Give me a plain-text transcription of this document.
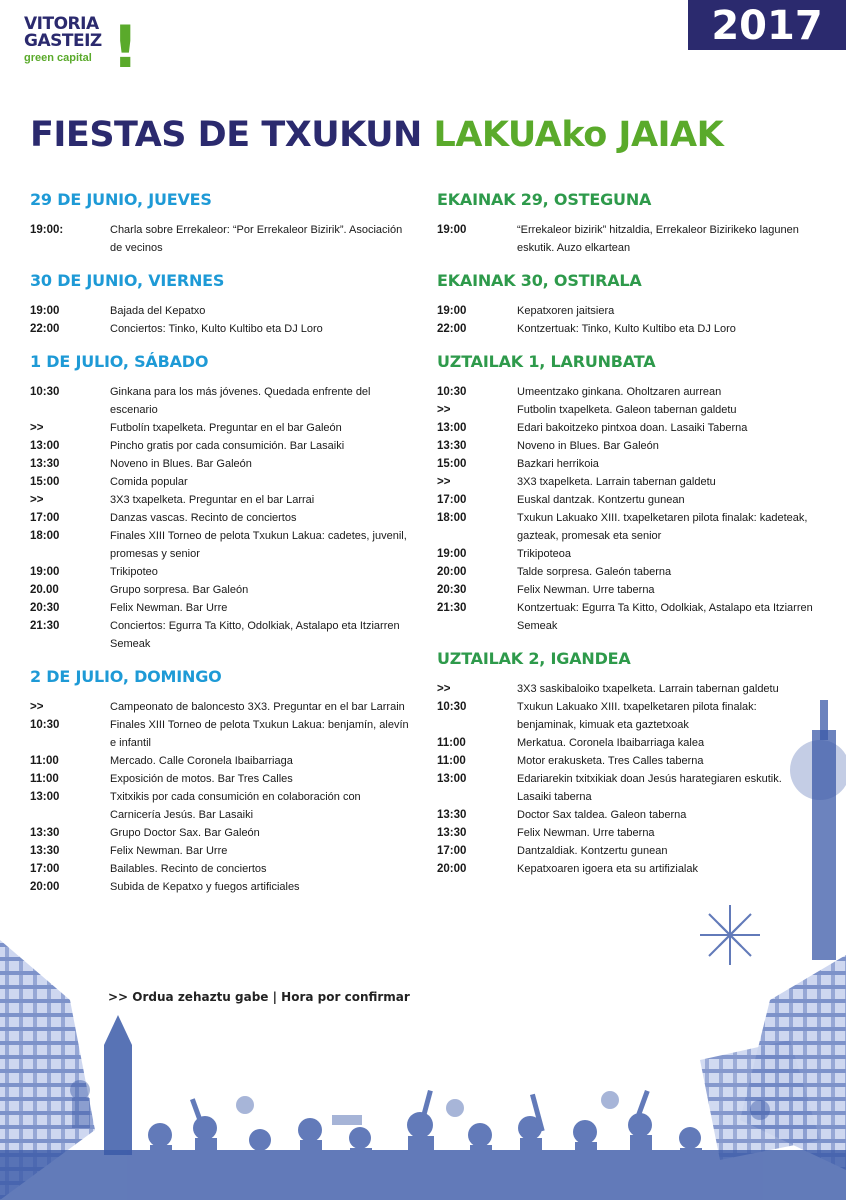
VITORIA
GASTEIZ
green capital !	2017
FIESTAS DE TXUKUN LAKUAko JAIAK
29 DE JUNIO, JUEVES
19:00:	Charla sobre Errekaleor: “Por Errekaleor Bizirik”. Asociación de vecinos
30 DE JUNIO, VIERNES
19:00	Bajada del Kepatxo
22:00	Conciertos: Tinko, Kulto Kultibo eta DJ Loro
1 DE JULIO, SÁBADO
10:30	Ginkana para los más jóvenes. Quedada enfrente del escenario
>>	Futbolín txapelketa. Preguntar en el bar Galeón
13:00	Pincho gratis por cada consumición. Bar Lasaiki
13:30	Noveno in Blues. Bar Galeón
15:00	Comida popular
>>	3X3 txapelketa. Preguntar en el bar Larrai
17:00	Danzas vascas. Recinto de conciertos
18:00	Finales XIII Torneo de pelota Txukun Lakua: cadetes, juvenil, promesas y senior
19:00	Trikipoteo
20.00	Grupo sorpresa. Bar Galeón
20:30	Felix Newman. Bar Urre
21:30	Conciertos: Egurra Ta Kitto, Odolkiak, Astalapo eta Itziarren Semeak
2 DE JULIO, DOMINGO
>>	Campeonato de baloncesto 3X3. Preguntar en el bar Larrain
10:30	Finales XIII Torneo de pelota Txukun Lakua: benjamín, alevín e infantil
11:00	Mercado. Calle Coronela Ibaibarriaga
11:00	Exposición de motos. Bar Tres Calles
13:00	Txitxikis por cada consumición en colaboración con Carnicería Jesús. Bar Lasaiki
13:30	Grupo Doctor Sax. Bar Galeón
13:30	Felix Newman. Bar Urre
17:00	Bailables. Recinto de conciertos
20:00	Subida de Kepatxo y fuegos artificiales
EKAINAK 29, OSTEGUNA
19:00	“Errekaleor bizirik” hitzaldia, Errekaleor Bizirikeko lagunen eskutik. Auzo elkartean
EKAINAK 30, OSTIRALA
19:00	Kepatxoren jaitsiera
22:00	Kontzertuak: Tinko, Kulto Kultibo eta DJ Loro
UZTAILAK 1, LARUNBATA
10:30	Umeentzako ginkana. Oholtzaren aurrean
>>	Futbolin txapelketa. Galeon tabernan galdetu
13:00	Edari bakoitzeko pintxoa doan. Lasaiki Taberna
13:30	Noveno in Blues. Bar Galeón
15:00	Bazkari herrikoia
>>	3X3 txapelketa. Larrain tabernan galdetu
17:00	Euskal dantzak. Kontzertu gunean
18:00	Txukun Lakuako XIII. txapelketaren pilota finalak: kadeteak, gazteak, promesak eta senior
19:00	Trikipoteoa
20:00	Talde sorpresa. Galeón taberna
20:30	Felix Newman. Urre taberna
21:30	Kontzertuak: Egurra Ta Kitto, Odolkiak, Astalapo eta Itziarren Semeak
UZTAILAK 2, IGANDEA
>>	3X3 saskibaloiko txapelketa. Larrain tabernan galdetu
10:30	Txukun Lakuako XIII. txapelketaren pilota finalak: benjaminak, kimuak eta gaztetxoak
11:00	Merkatua. Coronela Ibaibarriaga kalea
11:00	Motor erakusketa. Tres Calles taberna
13:00	Edariarekin txitxikiak doan Jesús harategiaren eskutik. Lasaiki taberna
13:30	Doctor Sax taldea. Galeon taberna
13:30	Felix Newman. Urre taberna
17:00	Dantzaldiak. Kontzertu gunean
20:00	Kepatxoaren igoera eta su artifizialak
>> Ordua zehaztu gabe | Hora por confirmar
